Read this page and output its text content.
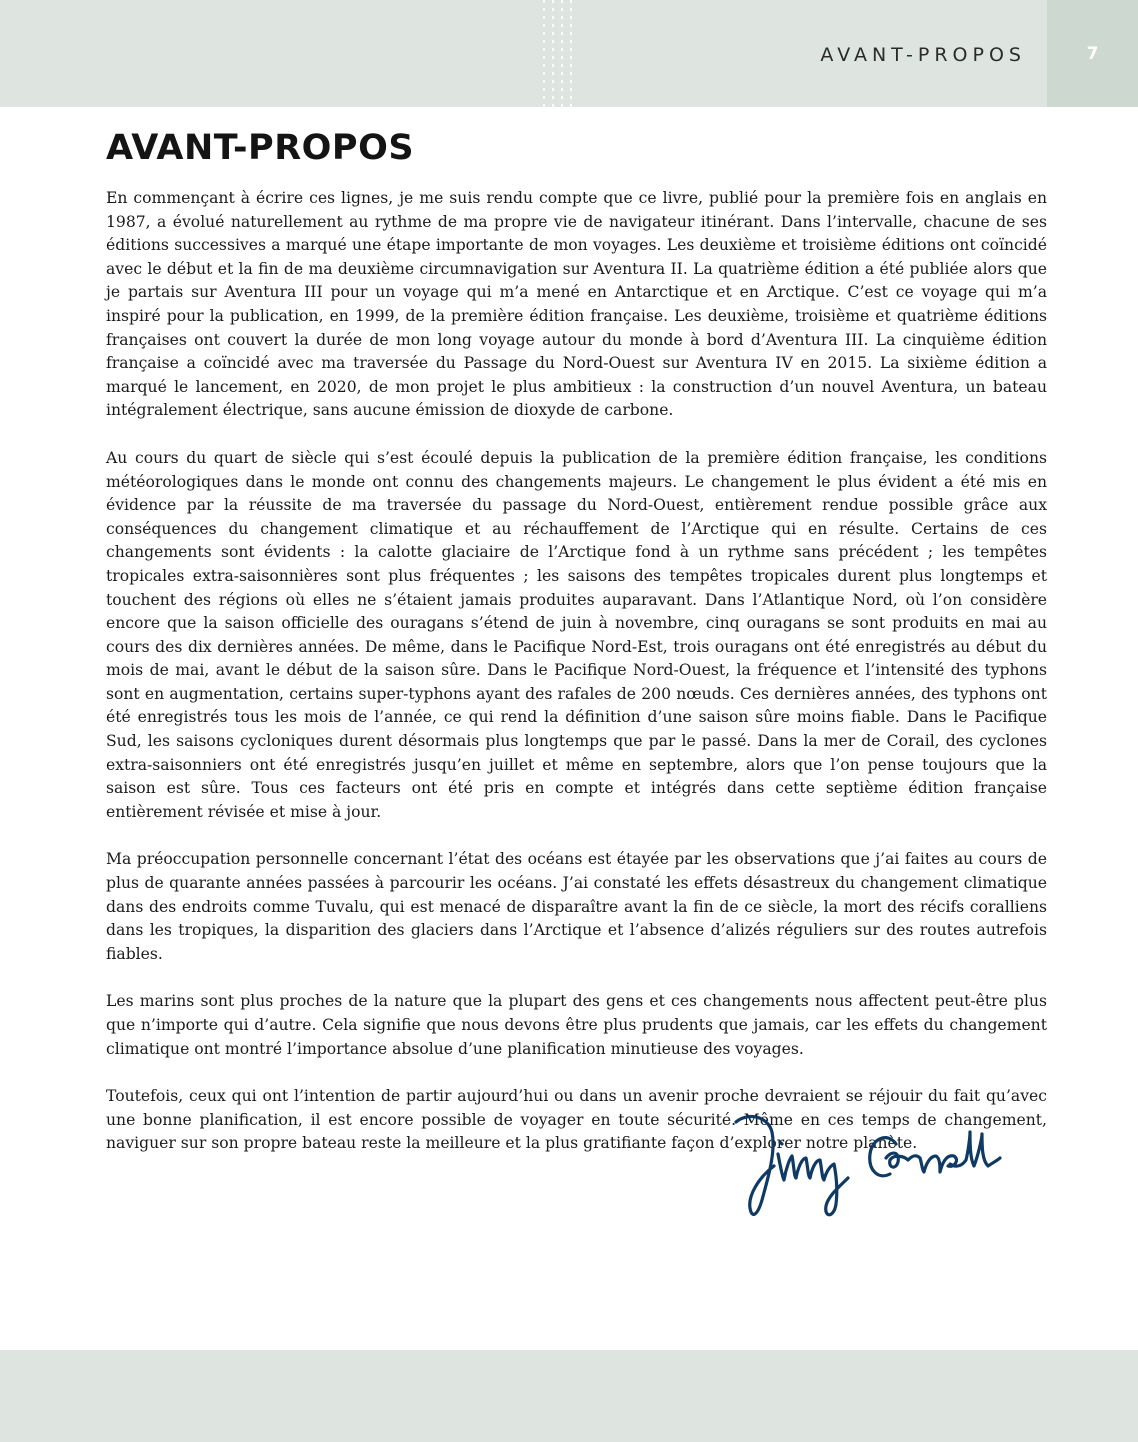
AVANT-PROPOS	7
AVANT-PROPOS

En commençant à écrire ces lignes, je me suis rendu compte que ce livre, publié pour la première fois en anglais en 1987, a évolué naturellement au rythme de ma propre vie de navigateur itinérant. Dans l’intervalle, chacune de ses éditions successives a marqué une étape importante de mon voyages. Les deuxième et troisième éditions ont coïncidé avec le début et la fin de ma deuxième circumnavigation sur Aventura II. La quatrième édition a été publiée alors que je partais sur Aventura III pour un voyage qui m’a mené en Antarctique et en Arctique. C’est ce voyage qui m’a inspiré pour la publication, en 1999, de la première édition française. Les deuxième, troisième et quatrième éditions françaises ont couvert la durée de mon long voyage autour du monde à bord d’Aventura III. La cinquième édition française a coïncidé avec ma traversée du Passage du Nord-Ouest sur Aventura IV en 2015. La sixième édition a marqué le lancement, en 2020, de mon projet le plus ambitieux : la construction d’un nouvel Aventura, un bateau intégralement électrique, sans aucune émission de dioxyde de carbone.

Au cours du quart de siècle qui s’est écoulé depuis la publication de la première édition française, les conditions météorologiques dans le monde ont connu des changements majeurs. Le changement le plus évident a été mis en évidence par la réussite de ma traversée du passage du Nord-Ouest, entièrement rendue possible grâce aux conséquences du changement climatique et au réchauffement de l’Arctique qui en résulte. Certains de ces changements sont évidents : la calotte glaciaire de l’Arctique fond à un rythme sans précédent ; les tempêtes tropicales extra-saisonnières sont plus fréquentes ; les saisons des tempêtes tropicales durent plus longtemps et touchent des régions où elles ne s’étaient jamais produites auparavant. Dans l’Atlantique Nord, où l’on considère encore que la saison officielle des ouragans s’étend de juin à novembre, cinq ouragans se sont produits en mai au cours des dix dernières années. De même, dans le Pacifique Nord-Est, trois ouragans ont été enregistrés au début du mois de mai, avant le début de la saison sûre. Dans le Pacifique Nord-Ouest, la fréquence et l’intensité des typhons sont en augmentation, certains super-typhons ayant des rafales de 200 nœuds. Ces dernières années, des typhons ont été enregistrés tous les mois de l’année, ce qui rend la définition d’une saison sûre moins fiable. Dans le Pacifique Sud, les saisons cycloniques durent désormais plus longtemps que par le passé. Dans la mer de Corail, des cyclones extra-saisonniers ont été enregistrés jusqu’en juillet et même en septembre, alors que l’on pense toujours que la saison est sûre. Tous ces facteurs ont été pris en compte et intégrés dans cette septième édition française entièrement révisée et mise à jour.

Ma préoccupation personnelle concernant l’état des océans est étayée par les observations que j’ai faites au cours de plus de quarante années passées à parcourir les océans. J’ai constaté les effets désastreux du changement climatique dans des endroits comme Tuvalu, qui est menacé de disparaître avant la fin de ce siècle, la mort des récifs coralliens dans les tropiques, la disparition des glaciers dans l’Arctique et l’absence d’alizés réguliers sur des routes autrefois fiables.

Les marins sont plus proches de la nature que la plupart des gens et ces changements nous affectent peut-être plus que n’importe qui d’autre. Cela signifie que nous devons être plus prudents que jamais, car les effets du changement climatique ont montré l’importance absolue d’une planification minutieuse des voyages.

Toutefois, ceux qui ont l’intention de partir aujourd’hui ou dans un avenir proche devraient se réjouir du fait qu’avec une bonne planification, il est encore possible de voyager en toute sécurité. Même en ces temps de changement, naviguer sur son propre bateau reste la meilleure et la plus gratifiante façon d’explorer notre planète.
